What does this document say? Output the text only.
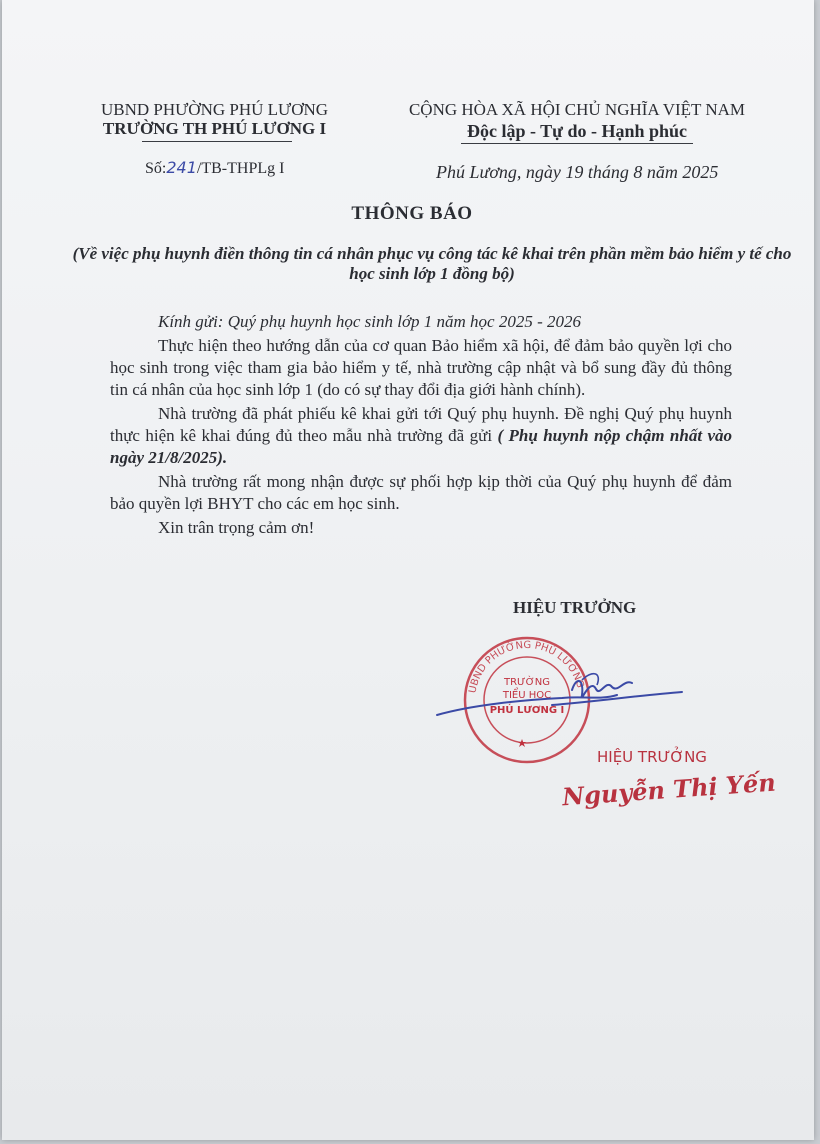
UBND PHƯỜNG PHÚ LƯƠNG
TRƯỜNG TH PHÚ LƯƠNG I
Số:241/TB-THPLg I
CỘNG HÒA XÃ HỘI CHỦ NGHĨA VIỆT NAM
Độc lập - Tự do - Hạnh phúc
Phú Lương, ngày 19 tháng 8 năm 2025
THÔNG BÁO
(Về việc phụ huynh điền thông tin cá nhân phục vụ công tác kê khai trên phần mềm bảo hiểm y tế cho học sinh lớp 1 đồng bộ)

Kính gửi: Quý phụ huynh học sinh lớp 1 năm học 2025 - 2026

Thực hiện theo hướng dẫn của cơ quan Bảo hiểm xã hội, để đảm bảo quyền lợi cho học sinh trong việc tham gia bảo hiểm y tế, nhà trường cập nhật và bổ sung đầy đủ thông tin cá nhân của học sinh lớp 1 (do có sự thay đổi địa giới hành chính).

Nhà trường đã phát phiếu kê khai gửi tới Quý phụ huynh. Đề nghị Quý phụ huynh thực hiện kê khai đúng đủ theo mẫu nhà trường đã gửi ( Phụ huynh nộp chậm nhất vào ngày 21/8/2025).

Nhà trường rất mong nhận được sự phối hợp kịp thời của Quý phụ huynh để đảm bảo quyền lợi BHYT cho các em học sinh.

Xin trân trọng cảm ơn!

HIỆU TRƯỞNG
UBND PHƯỜNG PHÚ LƯƠNG
TRƯỜNG
TIỂU HỌC
PHÚ LƯƠNG I
HIỆU TRƯỞNG
Nguyễn Thị Yến
